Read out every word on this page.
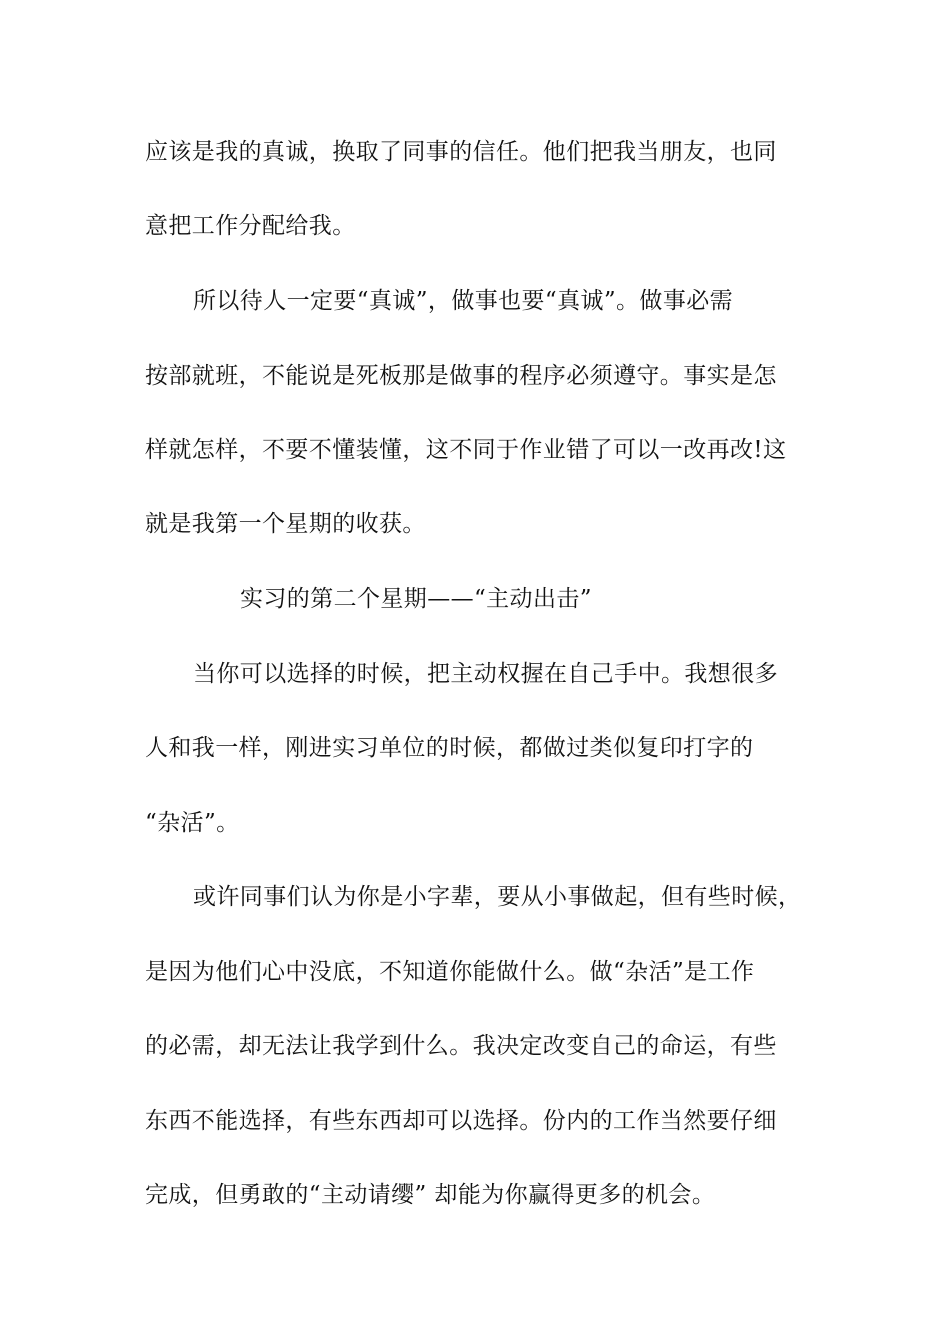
应该是我的真诚，换取了同事的信任。他们把我当朋友，也同
意把工作分配给我。
所以待人一定要“真诚”，做事也要“真诚”。做事必需
按部就班，不能说是死板那是做事的程序必须遵守。事实是怎
样就怎样，不要不懂装懂，这不同于作业错了可以一改再改!这
就是我第一个星期的收获。
实习的第二个星期——“主动出击”
当你可以选择的时候，把主动权握在自己手中。我想很多
人和我一样，刚进实习单位的时候，都做过类似复印打字的
“杂活”。
或许同事们认为你是小字辈，要从小事做起，但有些时候，
是因为他们心中没底，不知道你能做什么。做“杂活”是工作
的必需，却无法让我学到什么。我决定改变自己的命运，有些
东西不能选择，有些东西却可以选择。份内的工作当然要仔细
完成，但勇敢的“主动请缨” 却能为你赢得更多的机会。
